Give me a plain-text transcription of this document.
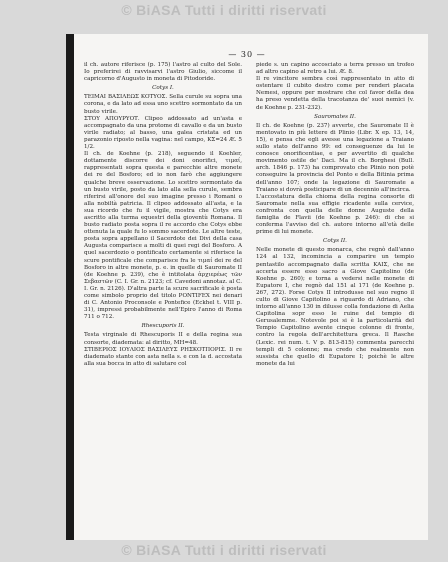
© BiASA Tutti i diritti riservati
— 30 —

il ch. autore riferisce (p. 175) l'astro al culto del Sole. Io preferirei di ravvisarvi l'astro Giulio, siccome il capricorno d'Augusto in moneta di Pitodoride.

Cotys I.

TEIMAI BAΣIΛEΩΣ KOTYOΣ. Sella curule su sopra una corona, e da lato ad essa uno scettro sormontato da un busto virile.

ΣTOY ΑΠΟΥΡΥΟΤ. Clipeo addossato ad un'asta e accompagnato da una protome di cavallo e da un busto virile radiato; al basso, una galea cristata ed un parazonio riposto nella vagina: nel campo, KΣ=24 Æ. 5 1/2.

Il ch. de Koehne (p. 218), seguendo il Koehler, dottamente discorre dei doni onorifici, τιμαί, rappresentati sopra questa e parecchie altre monete dei re del Bosforo; ed io non farò che aggiungere qualche breve osservazione. Lo scettro sormontato da un busto virile, posto da lato alla sella curule, sembra riferirsi all'onore del suo imagine presso i Romani o alla nobiltà patricia. Il clipeo addossato all'asta, e la sua ricordo che fu il vigile, mostra che Cotys era ascritto alla turma equestri della gioventù Romana. Il busto radiato posta sopra il re accordo che Cotys ebbe ottenuta la quale fu lo sommo sacerdote. Le altre teste, posta sopra appellano il Sacerdote dei Divi della casa Augusta comparisce a molti di quei regi del Bosforo. A quel sacerdozio o pontificato certamente si riferisce la scure pontificale che comparisce fra le τιμαί dei re del Bosforo in altre monete, p. e. in quelle di Sauromate II (de Koehne p. 239), che è intitolata ἀρχιερέως τῶν Σεβαστῶν (C. I. Gr. n. 2123; cf. Cavedoni annotaz. al C. I. Gr. n. 2126). D'altra parte la scure sacrificale è posta come simbolo proprio del titolo PONTIFEX nei denari di C. Antonio Proconsole e Pontefice (Eckhel t. VIII p. 31), impressi probabilmente nell'Epiro l'anno di Roma 711 o 712.

Rhescuporis II.

Testa virginale di Rhescuporis II e della regina sua consorte, diademata: al diritto, MH=48.

ΣTIBEPIOΣ IOYΛIOΣ BAΣIΛEYΣ PHΣKOTΠOPIΣ. Il re diademato stante con asta nella s. e con la d. accostata alla sua bocca in atto di salutare col

piede s. un capino accosciato a terra presso un trofeo ad altro capino al retro a lui. Æ. 8.

Il re vincitore sembra così rappresentato in atto di ostentare il cubito destro come per renderi placata Nemesi, oppure per mostrare che col favor della dea ha preso vendetta della tracotanza de' suoi nemici (v. de Koehne p. 231-232).

Sauromates II.

Il ch. de Koehne (p. 237) avverte, che Sauromate II è mentovato in più lettere di Plinio (Libr. X ep. 13, 14, 15), e pensa che egli avesse una legazione a Traiano sullo stato dell'anno 99: ed conseguenze da lui le conosce onorificentiae, e per avvertito di qualche movimento ostile de' Daci. Ma il ch. Borghesi (Bull. arch. 1846 p. 173) ha comprovato che Plinio non potè conseguire la provincia del Ponto e della Bitinia prima dell'anno 107; onde la legazione di Sauromate a Traiano si dovrà posticipare di un decennio all'incirca.

L'accostatura della chioma della regina consorte di Sauromate nella sua effigie ricadente sulla cervice, confronta con quella delle donne Auguste della famiglia de Flavii (de Koehne p. 246): di che si conferma l'avviso del ch. autore intorno all'età delle prime di lui monete.

Cotys II.

Nelle monete di questo monarca, che regnò dall'anno 124 al 132, incomincia a comparire un tempio pentastilo accompagnato dalla scritta KAIΣ, che ne accerta essere esso sacro a Giove Capitolino (de Koehne p. 260); e torna a vedersi nelle monete di Eupatore I, che regnò dal 151 al 171 (de Koehne p. 267, 272). Forse Cotys II introdusse nel suo regno il culto di Giove Capitolino a riguardo di Adriano, che intorno all'anno 130 in dilusse colla fondazione di Aelia Capitolina sopr esso le ruine del tempio di Gerusalemme. Notevole poi si è la particolarità del Tempio Capitolino avente cinque colonne di fronte, contro la regola dell'architettura greca. Il Rasche (Lexic. rei num. t. V p. 813-815) commenta parecchi templi di 5 colonne; ma credo che realmente non sussista che quello di Eupatore I; poichè le altre monete da lui

© BiASA Tutti i diritti riservati
